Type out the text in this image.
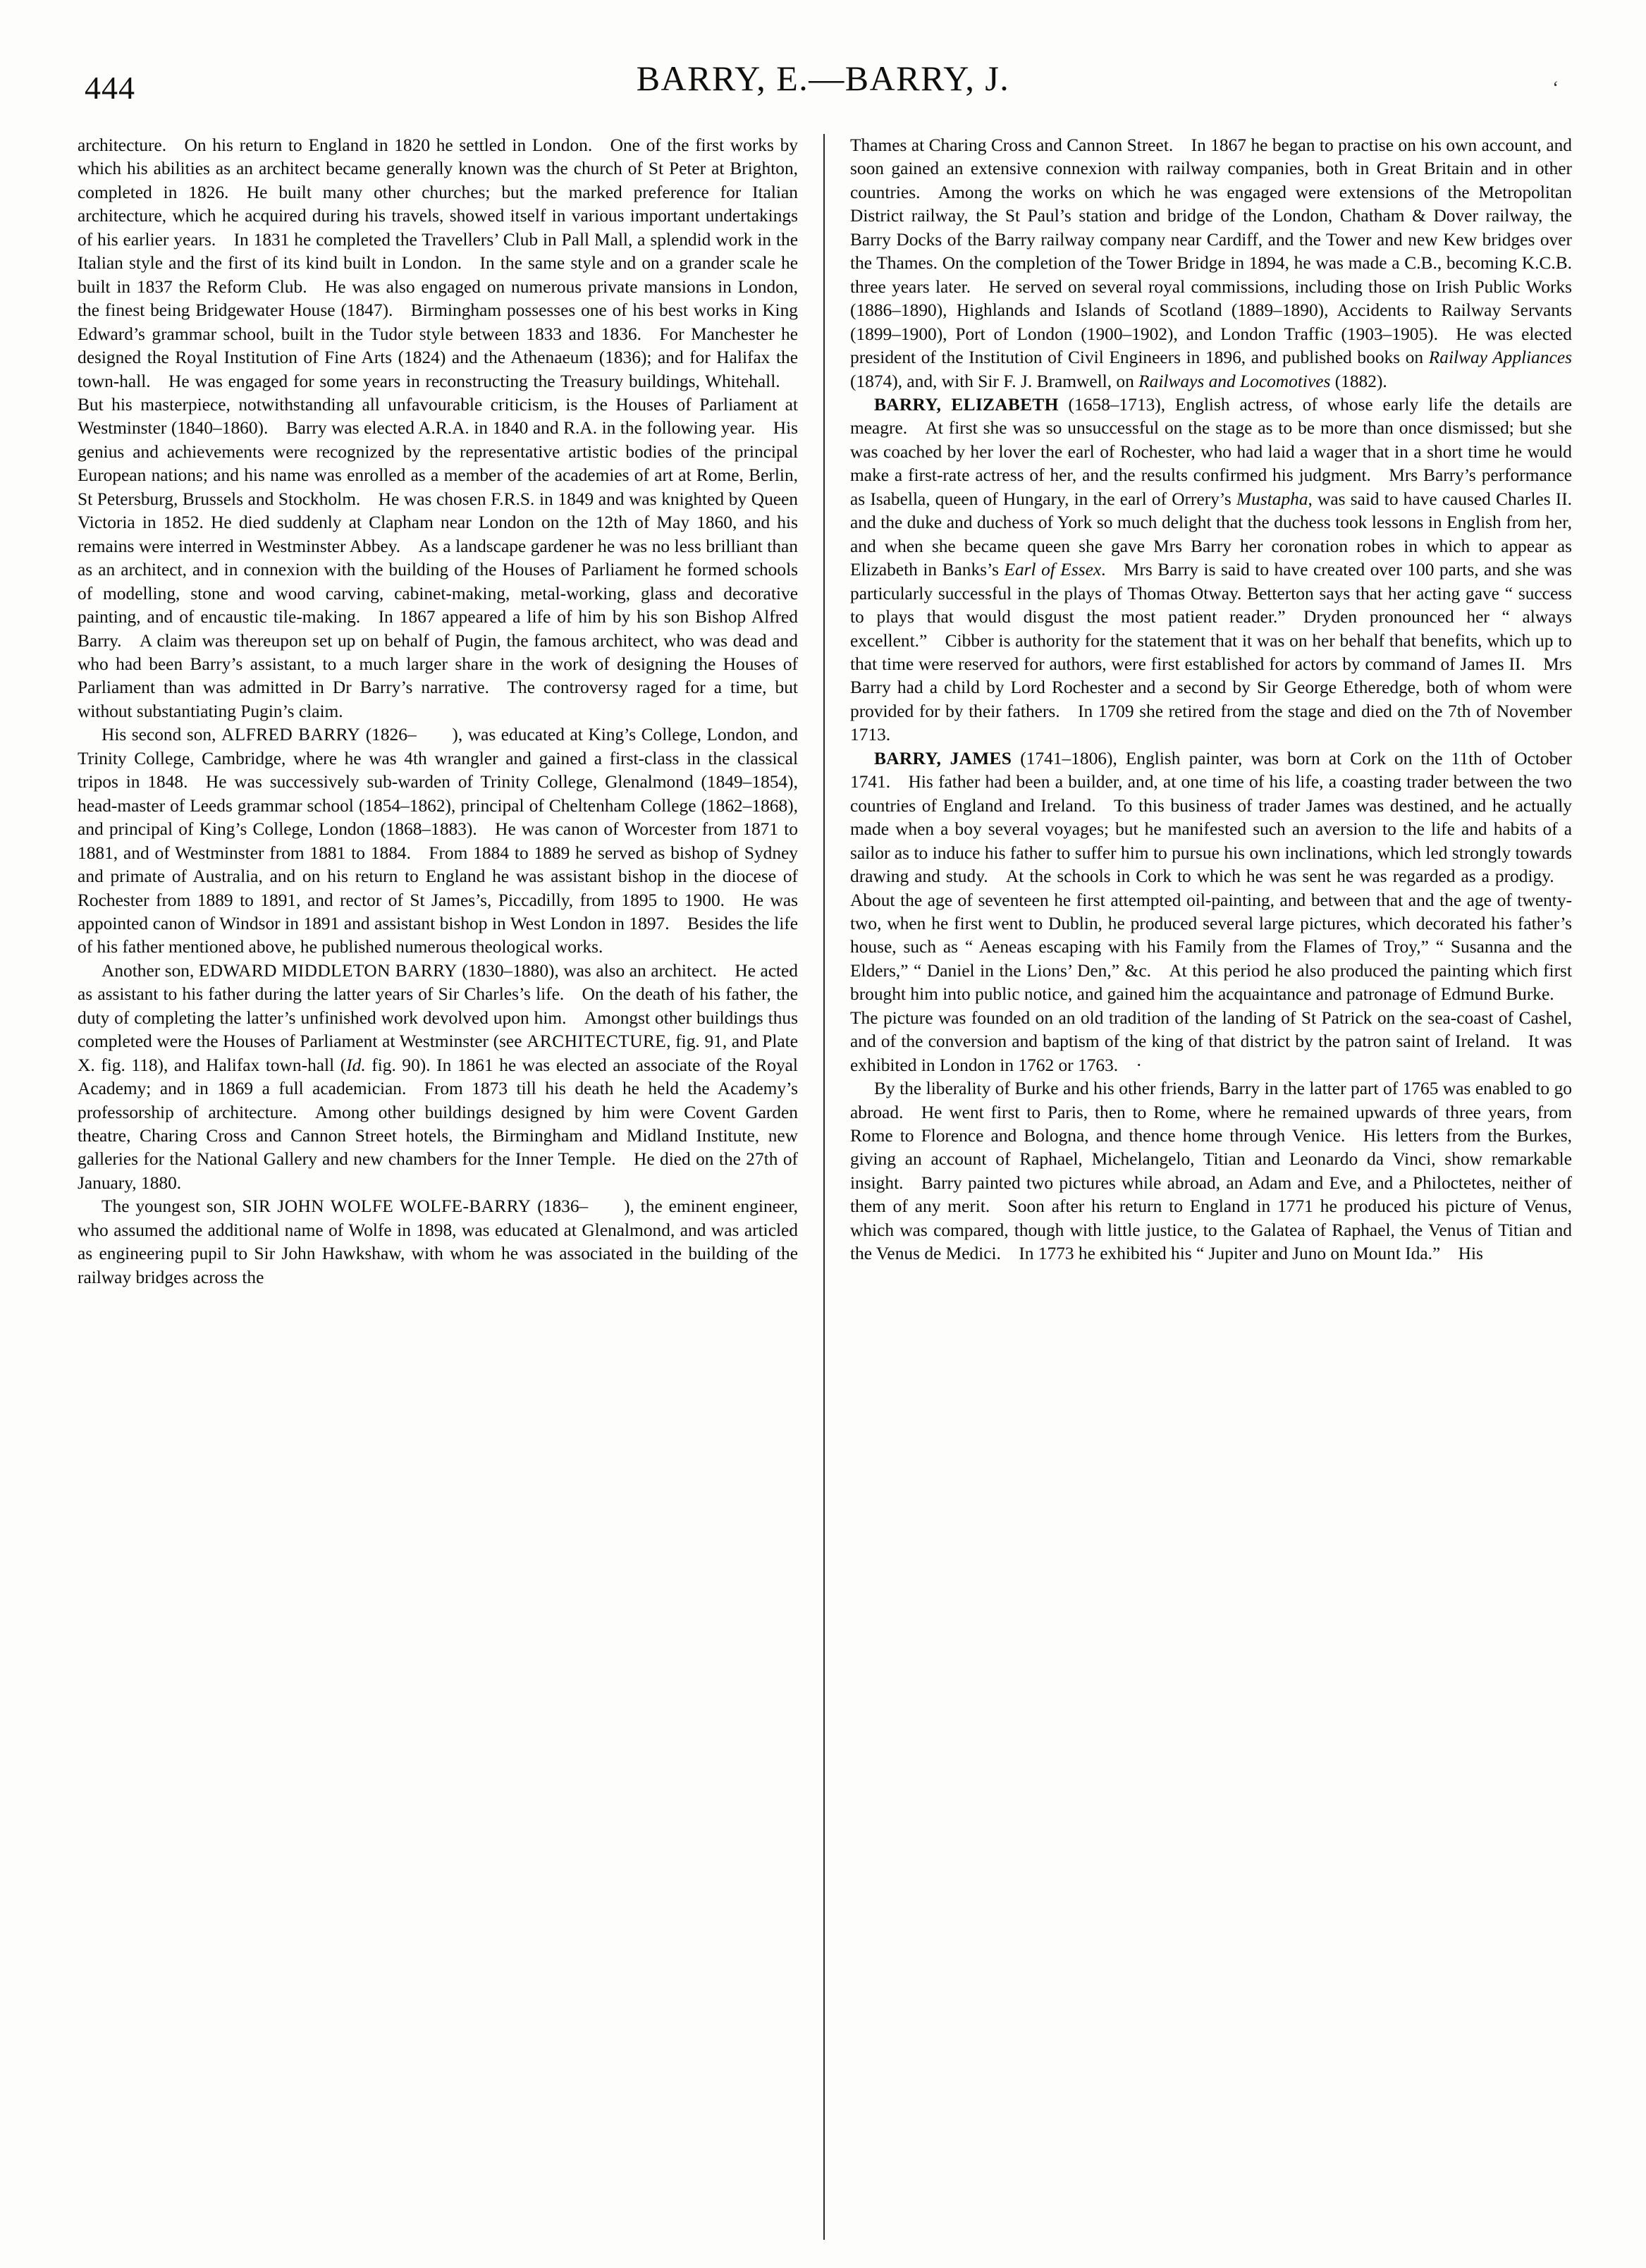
444	BARRY, E.—BARRY, J.	‘

architecture. On his return to England in 1820 he settled in London. One of the first works by which his abilities as an architect became generally known was the church of St Peter at Brighton, completed in 1826. He built many other churches; but the marked preference for Italian architecture, which he acquired during his travels, showed itself in various important undertakings of his earlier years. In 1831 he completed the Travellers’ Club in Pall Mall, a splendid work in the Italian style and the first of its kind built in London. In the same style and on a grander scale he built in 1837 the Reform Club. He was also engaged on numerous private mansions in London, the finest being Bridgewater House (1847). Birmingham possesses one of his best works in King Edward’s grammar school, built in the Tudor style between 1833 and 1836. For Manchester he designed the Royal Institution of Fine Arts (1824) and the Athenaeum (1836); and for Halifax the town-hall. He was engaged for some years in reconstructing the Treasury buildings, Whitehall. But his masterpiece, notwithstanding all unfavourable criticism, is the Houses of Parliament at Westminster (1840–1860). Barry was elected A.R.A. in 1840 and R.A. in the following year. His genius and achievements were recognized by the representative artistic bodies of the principal European nations; and his name was enrolled as a member of the academies of art at Rome, Berlin, St Petersburg, Brussels and Stockholm. He was chosen F.R.S. in 1849 and was knighted by Queen Victoria in 1852. He died suddenly at Clapham near London on the 12th of May 1860, and his remains were interred in Westminster Abbey. As a landscape gardener he was no less brilliant than as an architect, and in connexion with the building of the Houses of Parliament he formed schools of modelling, stone and wood carving, cabinet-making, metal-working, glass and decorative painting, and of encaustic tile-making. In 1867 appeared a life of him by his son Bishop Alfred Barry. A claim was thereupon set up on behalf of Pugin, the famous architect, who was dead and who had been Barry’s assistant, to a much larger share in the work of designing the Houses of Parliament than was admitted in Dr Barry’s narrative. The controversy raged for a time, but without substantiating Pugin’s claim.

His second son, ALFRED BARRY (1826–  ), was educated at King’s College, London, and Trinity College, Cambridge, where he was 4th wrangler and gained a first-class in the classical tripos in 1848. He was successively sub-warden of Trinity College, Glenalmond (1849–1854), head-master of Leeds grammar school (1854–1862), principal of Cheltenham College (1862–1868), and principal of King’s College, London (1868–1883). He was canon of Worcester from 1871 to 1881, and of Westminster from 1881 to 1884. From 1884 to 1889 he served as bishop of Sydney and primate of Australia, and on his return to England he was assistant bishop in the diocese of Rochester from 1889 to 1891, and rector of St James’s, Piccadilly, from 1895 to 1900. He was appointed canon of Windsor in 1891 and assistant bishop in West London in 1897. Besides the life of his father mentioned above, he published numerous theological works.

Another son, EDWARD MIDDLETON BARRY (1830–1880), was also an architect. He acted as assistant to his father during the latter years of Sir Charles’s life. On the death of his father, the duty of completing the latter’s unfinished work devolved upon him. Amongst other buildings thus completed were the Houses of Parliament at Westminster (see ARCHITECTURE, fig. 91, and Plate X. fig. 118), and Halifax town-hall (Id. fig. 90). In 1861 he was elected an associate of the Royal Academy; and in 1869 a full academician. From 1873 till his death he held the Academy’s professorship of architecture. Among other buildings designed by him were Covent Garden theatre, Charing Cross and Cannon Street hotels, the Birmingham and Midland Institute, new galleries for the National Gallery and new chambers for the Inner Temple. He died on the 27th of January, 1880.

The youngest son, SIR JOHN WOLFE WOLFE-BARRY (1836–  ), the eminent engineer, who assumed the additional name of Wolfe in 1898, was educated at Glenalmond, and was articled as engineering pupil to Sir John Hawkshaw, with whom he was associated in the building of the railway bridges across the

Thames at Charing Cross and Cannon Street. In 1867 he began to practise on his own account, and soon gained an extensive connexion with railway companies, both in Great Britain and in other countries. Among the works on which he was engaged were extensions of the Metropolitan District railway, the St Paul’s station and bridge of the London, Chatham & Dover railway, the Barry Docks of the Barry railway company near Cardiff, and the Tower and new Kew bridges over the Thames. On the completion of the Tower Bridge in 1894, he was made a C.B., becoming K.C.B. three years later. He served on several royal commissions, including those on Irish Public Works (1886–1890), Highlands and Islands of Scotland (1889–1890), Accidents to Railway Servants (1899–1900), Port of London (1900–1902), and London Traffic (1903–1905). He was elected president of the Institution of Civil Engineers in 1896, and published books on Railway Appliances (1874), and, with Sir F. J. Bramwell, on Railways and Locomotives (1882).

BARRY, ELIZABETH (1658–1713), English actress, of whose early life the details are meagre. At first she was so unsuccessful on the stage as to be more than once dismissed; but she was coached by her lover the earl of Rochester, who had laid a wager that in a short time he would make a first-rate actress of her, and the results confirmed his judgment. Mrs Barry’s performance as Isabella, queen of Hungary, in the earl of Orrery’s Mustapha, was said to have caused Charles II. and the duke and duchess of York so much delight that the duchess took lessons in English from her, and when she became queen she gave Mrs Barry her coronation robes in which to appear as Elizabeth in Banks’s Earl of Essex. Mrs Barry is said to have created over 100 parts, and she was particularly successful in the plays of Thomas Otway. Betterton says that her acting gave “ success to plays that would disgust the most patient reader.” Dryden pronounced her “ always excellent.” Cibber is authority for the statement that it was on her behalf that benefits, which up to that time were reserved for authors, were first established for actors by command of James II. Mrs Barry had a child by Lord Rochester and a second by Sir George Etheredge, both of whom were provided for by their fathers. In 1709 she retired from the stage and died on the 7th of November 1713.

BARRY, JAMES (1741–1806), English painter, was born at Cork on the 11th of October 1741. His father had been a builder, and, at one time of his life, a coasting trader between the two countries of England and Ireland. To this business of trader James was destined, and he actually made when a boy several voyages; but he manifested such an aversion to the life and habits of a sailor as to induce his father to suffer him to pursue his own inclinations, which led strongly towards drawing and study. At the schools in Cork to which he was sent he was regarded as a prodigy. About the age of seventeen he first attempted oil-painting, and between that and the age of twenty-two, when he first went to Dublin, he produced several large pictures, which decorated his father’s house, such as “ Aeneas escaping with his Family from the Flames of Troy,” “ Susanna and the Elders,” “ Daniel in the Lions’ Den,” &c. At this period he also produced the painting which first brought him into public notice, and gained him the acquaintance and patronage of Edmund Burke. The picture was founded on an old tradition of the landing of St Patrick on the sea-coast of Cashel, and of the conversion and baptism of the king of that district by the patron saint of Ireland. It was exhibited in London in 1762 or 1763. ·

By the liberality of Burke and his other friends, Barry in the latter part of 1765 was enabled to go abroad. He went first to Paris, then to Rome, where he remained upwards of three years, from Rome to Florence and Bologna, and thence home through Venice. His letters from the Burkes, giving an account of Raphael, Michelangelo, Titian and Leonardo da Vinci, show remarkable insight. Barry painted two pictures while abroad, an Adam and Eve, and a Philoctetes, neither of them of any merit. Soon after his return to England in 1771 he produced his picture of Venus, which was compared, though with little justice, to the Galatea of Raphael, the Venus of Titian and the Venus de Medici. In 1773 he exhibited his “ Jupiter and Juno on Mount Ida.” His
